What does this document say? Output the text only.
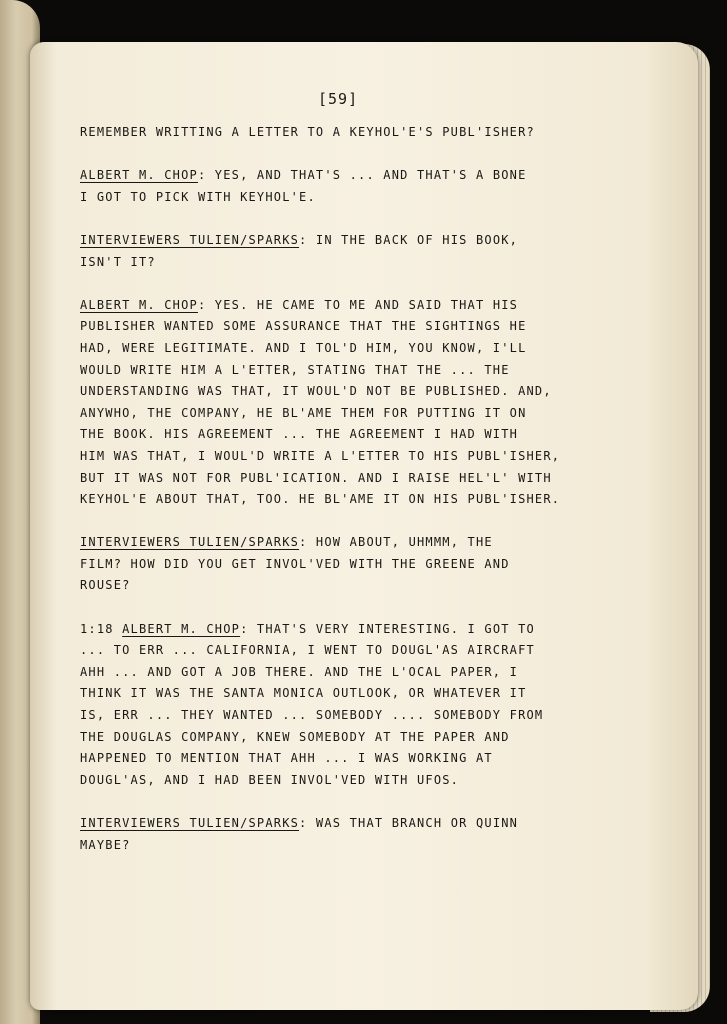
[59]

REMEMBER WRITTING A LETTER TO A KEYHOL'E'S PUBL'ISHER?

ALBERT M. CHOP: YES, AND THAT'S ... AND THAT'S A BONE
I GOT TO PICK WITH KEYHOL'E.

INTERVIEWERS TULIEN/SPARKS: IN THE BACK OF HIS BOOK,
ISN'T IT?

ALBERT M. CHOP: YES. HE CAME TO ME AND SAID THAT HIS
PUBLISHER WANTED SOME ASSURANCE THAT THE SIGHTINGS HE
HAD, WERE LEGITIMATE. AND I TOL'D HIM, YOU KNOW, I'LL
WOULD WRITE HIM A L'ETTER, STATING THAT THE ... THE
UNDERSTANDING WAS THAT, IT WOUL'D NOT BE PUBLISHED. AND,
ANYWHO, THE COMPANY, HE BL'AME THEM FOR PUTTING IT ON
THE BOOK. HIS AGREEMENT ... THE AGREEMENT I HAD WITH
HIM WAS THAT, I WOUL'D WRITE A L'ETTER TO HIS PUBL'ISHER,
BUT IT WAS NOT FOR PUBL'ICATION. AND I RAISE HEL'L' WITH
KEYHOL'E ABOUT THAT, TOO. HE BL'AME IT ON HIS PUBL'ISHER.

INTERVIEWERS TULIEN/SPARKS: HOW ABOUT, UHMMM, THE
FILM? HOW DID YOU GET INVOL'VED WITH THE GREENE AND
ROUSE?

1:18 ALBERT M. CHOP: THAT'S VERY INTERESTING. I GOT TO
... TO ERR ... CALIFORNIA, I WENT TO DOUGL'AS AIRCRAFT
AHH ... AND GOT A JOB THERE. AND THE L'OCAL PAPER, I
THINK IT WAS THE SANTA MONICA OUTLOOK, OR WHATEVER IT
IS, ERR ... THEY WANTED ... SOMEBODY .... SOMEBODY FROM
THE DOUGLAS COMPANY, KNEW SOMEBODY AT THE PAPER AND
HAPPENED TO MENTION THAT AHH ... I WAS WORKING AT
DOUGL'AS, AND I HAD BEEN INVOL'VED WITH UFOS.

INTERVIEWERS TULIEN/SPARKS: WAS THAT BRANCH OR QUINN
MAYBE?
